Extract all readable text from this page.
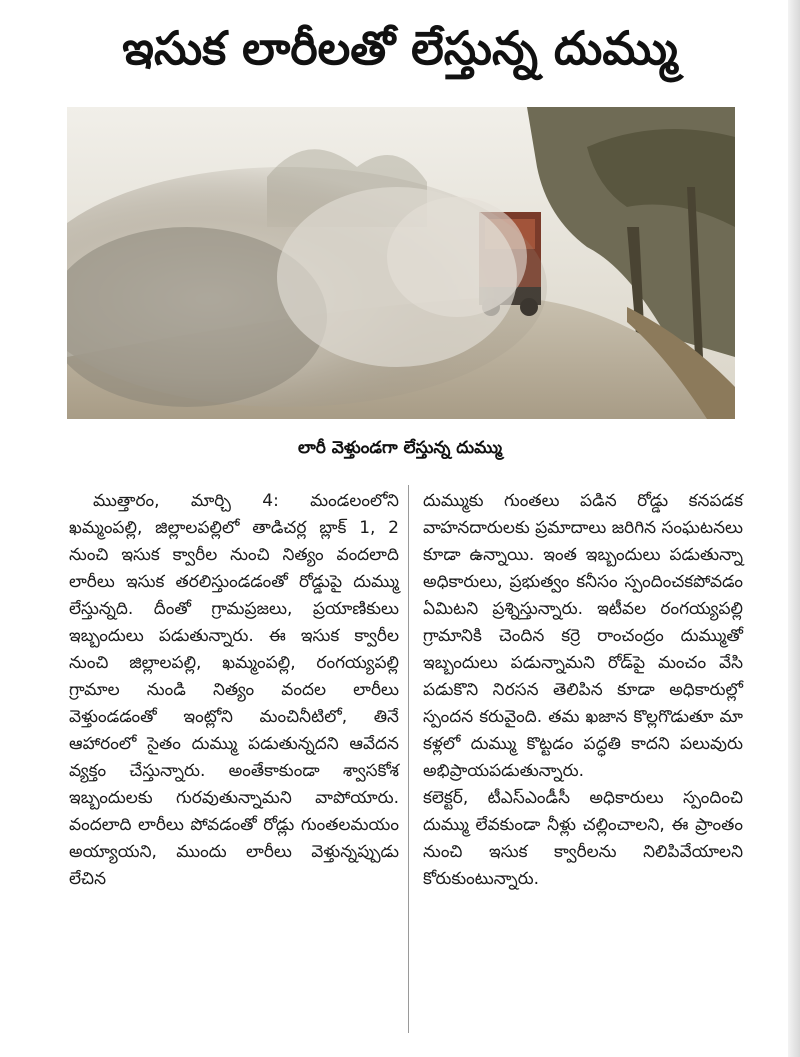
ఇసుక లారీలతో లేస్తున్న దుమ్ము
లారీ వెళ్తుండగా లేస్తున్న దుమ్ము
ముత్తారం, మార్చి 4: మండలంలోని ఖమ్మంపల్లి, జిల్లాలపల్లిలో తాడిచర్ల బ్లాక్ 1, 2 నుంచి ఇసుక క్వారీల నుంచి నిత్యం వందలాది లారీలు ఇసుక తరలిస్తుండడంతో రోడ్డుపై దుమ్ము లేస్తున్నది. దీంతో గ్రామప్రజలు, ప్రయాణికులు ఇబ్బందులు పడుతున్నారు. ఈ ఇసుక క్వారీల నుంచి జిల్లాలపల్లి, ఖమ్మంపల్లి, రంగయ్యపల్లి గ్రామాల నుండి నిత్యం వందల లారీలు వెళ్తుండడంతో ఇంట్లోని మంచినీటిలో, తినే ఆహారంలో సైతం దుమ్ము పడుతున్నదని ఆవేదన వ్యక్తం చేస్తున్నారు. అంతేకాకుండా శ్వాసకోశ ఇబ్బందులకు గురవుతున్నామని వాపోయారు. వందలాది లారీలు పోవడంతో రోడ్లు గుంతలమయం అయ్యాయని, ముందు లారీలు వెళ్తున్నప్పుడు లేచిన
దుమ్ముకు గుంతలు పడిన రోడ్డు కనపడక వాహనదారులకు ప్రమాదాలు జరిగిన సంఘటనలు కూడా ఉన్నాయి. ఇంత ఇబ్బందులు పడుతున్నా అధికారులు, ప్రభుత్వం కనీసం స్పందించకపోవడం ఏమిటని ప్రశ్నిస్తున్నారు. ఇటీవల రంగయ్యపల్లి గ్రామానికి చెందిన కర్రె రాంచంద్రం దుమ్ముతో ఇబ్బందులు పడున్నామని రోడ్‌పై మంచం వేసి పడుకొని నిరసన తెలిపిన కూడా అధికారుల్లో స్పందన కరువైంది. తమ ఖజాన కొల్లగొడుతూ మా కళ్లలో దుమ్ము కొట్టడం పద్ధతి కాదని పలువురు అభిప్రాయపడుతున్నారు.
కలెక్టర్, టీఎస్ఎండీసీ అధికారులు స్పందించి దుమ్ము లేవకుండా నీళ్లు చల్లించాలని, ఈ ప్రాంతం నుంచి ఇసుక క్వారీలను నిలిపివేయాలని కోరుకుంటున్నారు.
